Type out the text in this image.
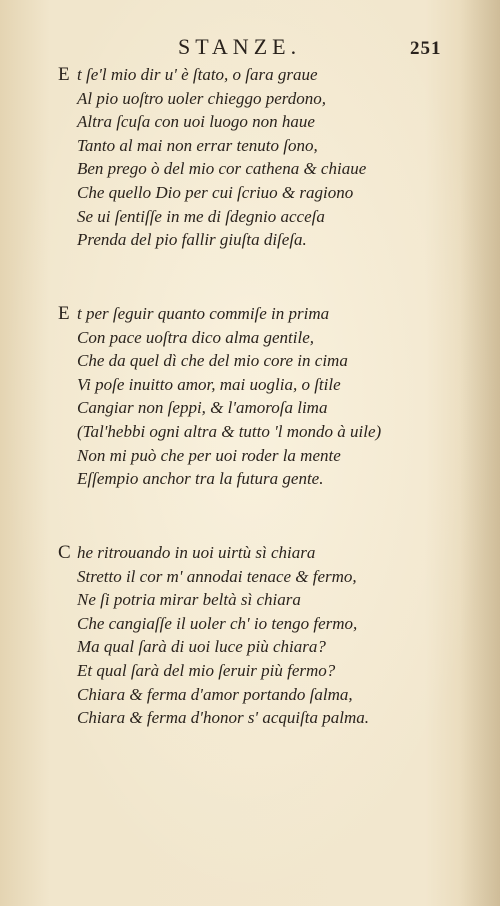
STANZE.	251
E t ſe'l mio dir u' è ſtato, o ſara graue
Al pio uoſtro uoler chieggo perdono,
Altra ſcuſa con uoi luogo non haue
Tanto al mai non errar tenuto ſono,
Ben prego ò del mio cor cathena & chiaue
Che quello Dio per cui ſcriuo & ragiono
Se ui ſentiſſe in me di ſdegnio acceſa
Prenda del pio fallir giuſta diſeſa.
E t per ſeguir quanto commiſe in prima
Con pace uoſtra dico alma gentile,
Che da quel dì che del mio core in cima
Vi poſe inuitto amor, mai uoglia, o ſtile
Cangiar non ſeppi, & l'amoroſa lima
(Tal'hebbi ogni altra & tutto 'l mondo à uile)
Non mi può che per uoi roder la mente
Eſſempio anchor tra la futura gente.
C he ritrouando in uoi uirtù sì chiara
Stretto il cor m' annodai tenace & fermo,
Ne ſi potria mirar beltà sì chiara
Che cangiaſſe il uoler ch' io tengo fermo,
Ma qual ſarà di uoi luce più chiara?
Et qual ſarà del mio ſeruir più fermo?
Chiara & ferma d'amor portando ſalma,
Chiara & ferma d'honor s' acquiſta palma.
